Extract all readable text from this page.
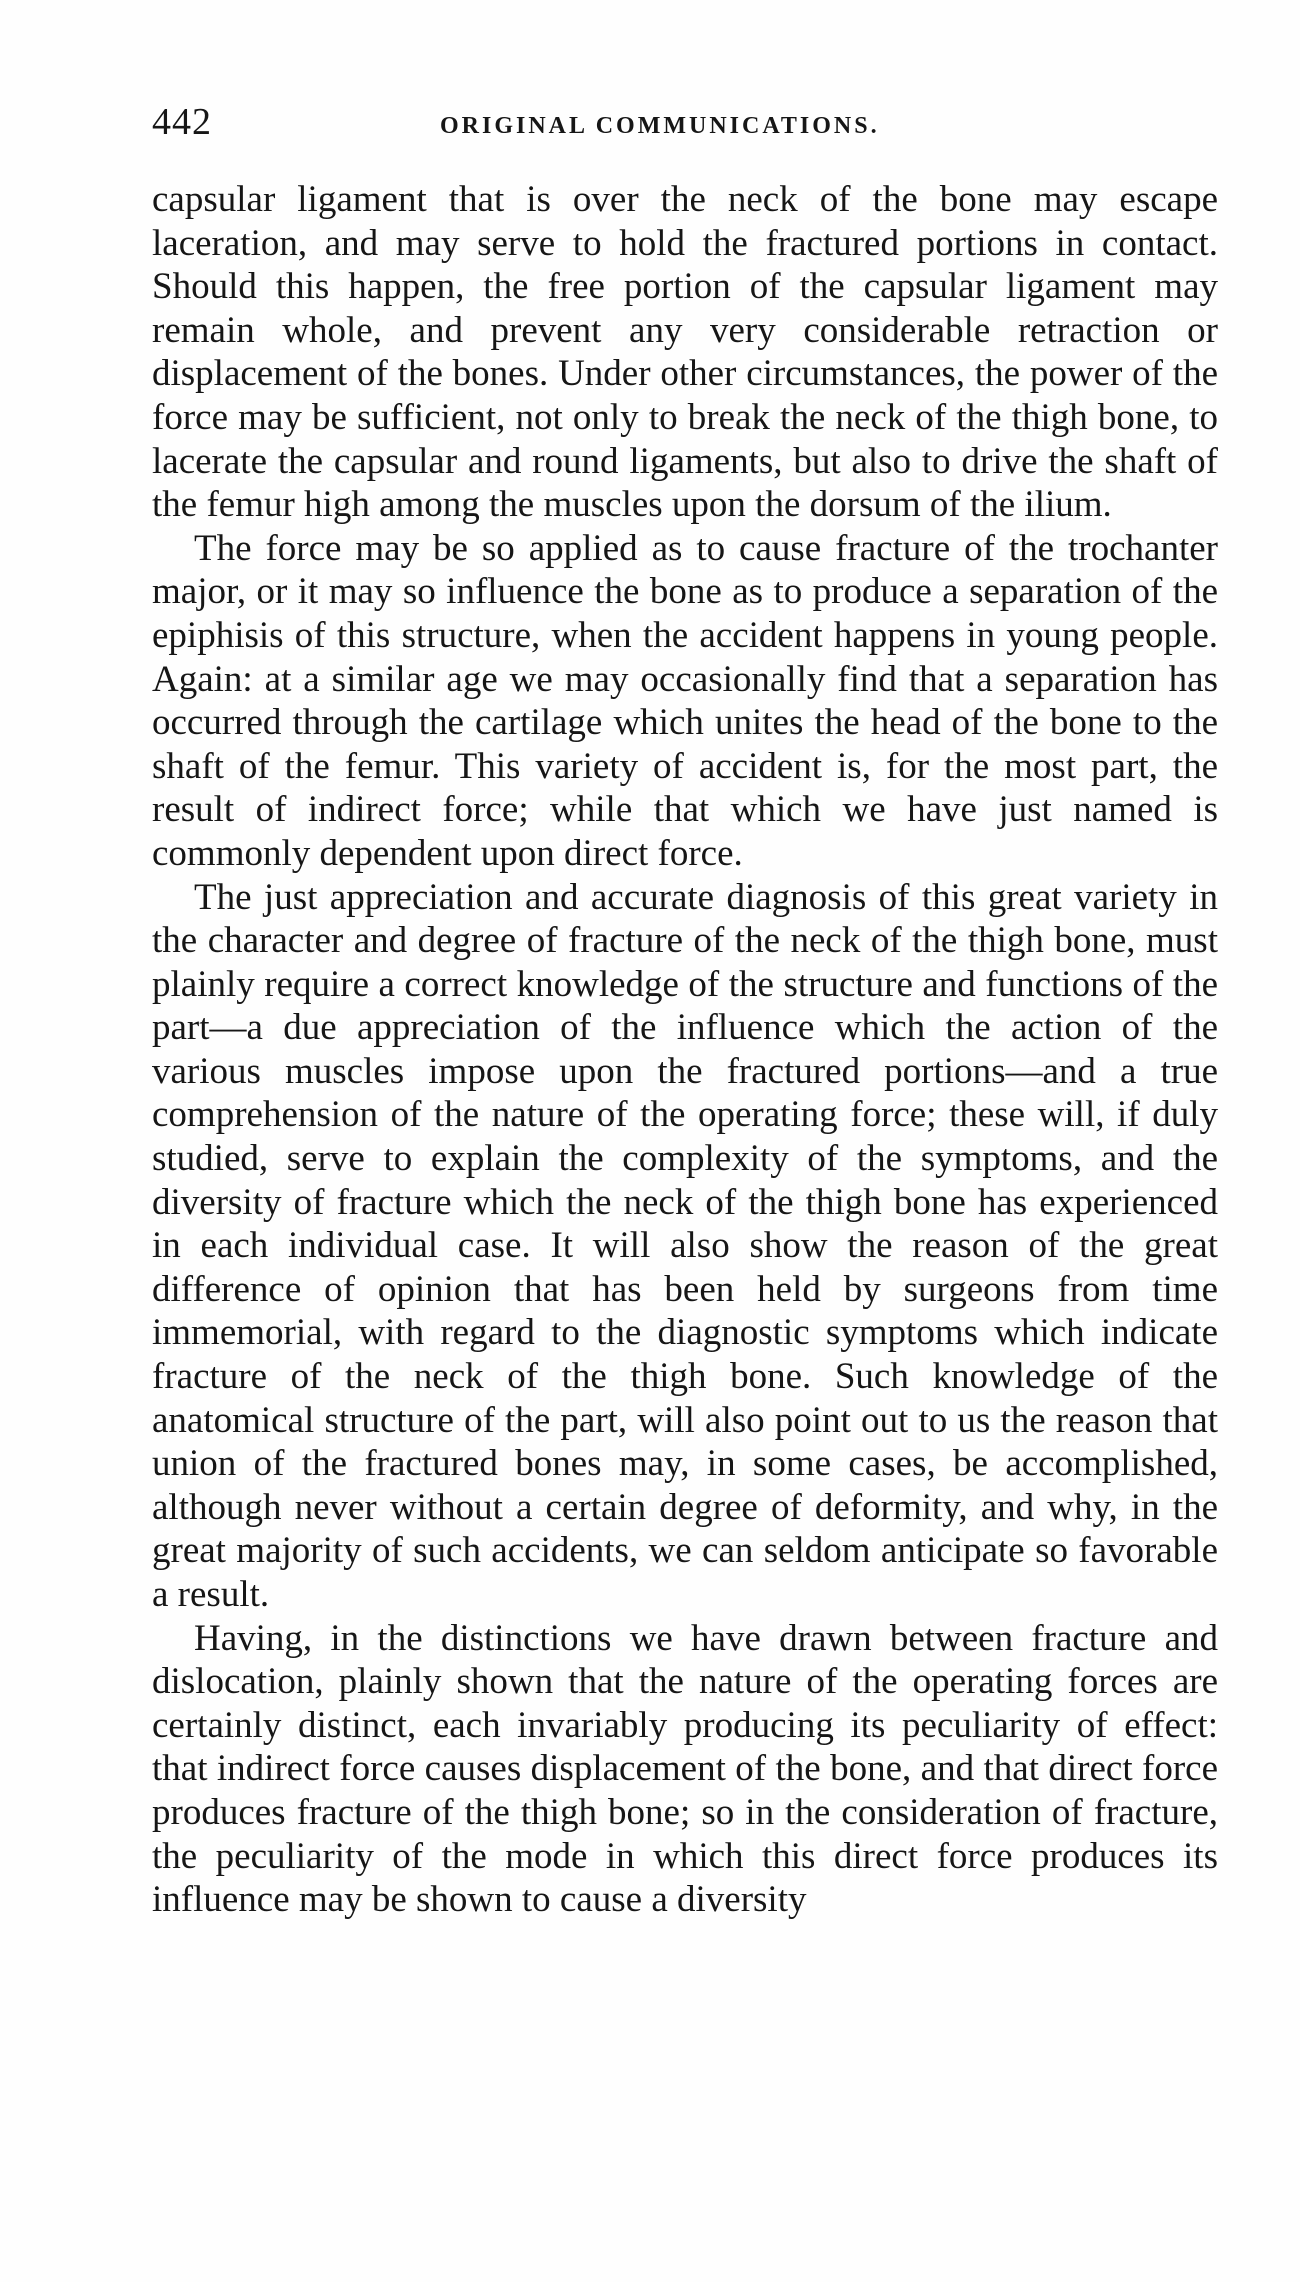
442	ORIGINAL COMMUNICATIONS.

capsular ligament that is over the neck of the bone may escape laceration, and may serve to hold the fractured portions in contact. Should this happen, the free portion of the capsular ligament may remain whole, and prevent any very considerable retraction or displacement of the bones. Under other circumstances, the power of the force may be sufficient, not only to break the neck of the thigh bone, to lacerate the capsular and round ligaments, but also to drive the shaft of the femur high among the muscles upon the dorsum of the ilium.

The force may be so applied as to cause fracture of the trochanter major, or it may so influence the bone as to produce a separation of the epiphisis of this structure, when the accident happens in young people. Again: at a similar age we may occasionally find that a separation has occurred through the cartilage which unites the head of the bone to the shaft of the femur. This variety of accident is, for the most part, the result of indirect force; while that which we have just named is commonly dependent upon direct force.

The just appreciation and accurate diagnosis of this great variety in the character and degree of fracture of the neck of the thigh bone, must plainly require a correct knowledge of the structure and functions of the part—a due appreciation of the influence which the action of the various muscles impose upon the fractured portions—and a true comprehension of the nature of the operating force; these will, if duly studied, serve to explain the complexity of the symptoms, and the diversity of fracture which the neck of the thigh bone has experienced in each individual case. It will also show the reason of the great difference of opinion that has been held by surgeons from time immemorial, with regard to the diagnostic symptoms which indicate fracture of the neck of the thigh bone. Such knowledge of the anatomical structure of the part, will also point out to us the reason that union of the fractured bones may, in some cases, be accomplished, although never without a certain degree of deformity, and why, in the great majority of such accidents, we can seldom anticipate so favorable a result.

Having, in the distinctions we have drawn between fracture and dislocation, plainly shown that the nature of the operating forces are certainly distinct, each invariably producing its peculiarity of effect: that indirect force causes displacement of the bone, and that direct force produces fracture of the thigh bone; so in the consideration of fracture, the peculiarity of the mode in which this direct force produces its influence may be shown to cause a diversity
